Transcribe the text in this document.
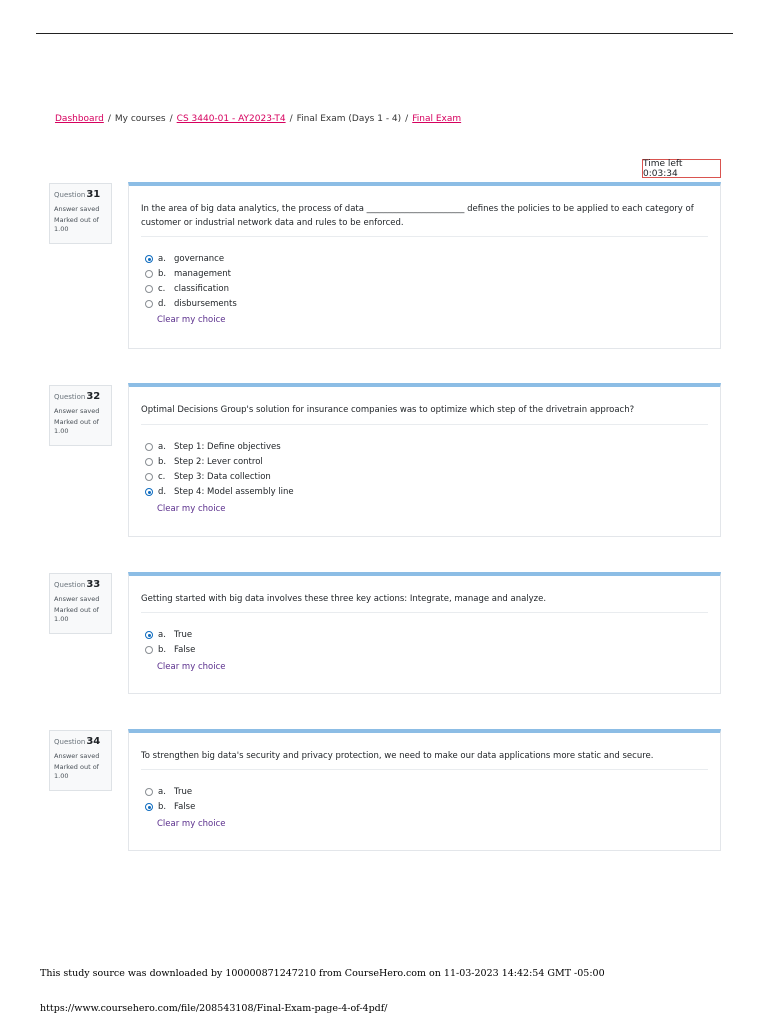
Dashboard / My courses / CS 3440-01 - AY2023-T4 / Final Exam (Days 1 - 4) / Final Exam
Time left 0:03:34
Question31
Answer saved
Marked out of 1.00
In the area of big data analytics, the process of data _______________________ defines the policies to be applied to each category of customer or industrial network data and rules to be enforced.
a. governance
b. management
c.	classification
d. disbursements
Clear my choice
Question32
Answer saved
Marked out of 1.00
Optimal Decisions Group's solution for insurance companies was to optimize which step of the drivetrain approach?
a. Step 1: Define objectives
b. Step 2: Lever control
c.	Step 3: Data collection
d. Step 4: Model assembly line
Clear my choice
Question33
Answer saved
Marked out of 1.00
Getting started with big data involves these three key actions: Integrate, manage and analyze.
a. True
b. False
Clear my choice
Question34
Answer saved
Marked out of 1.00
To strengthen big data's security and privacy protection, we need to make our data applications more static and secure.
a. True
b. False
Clear my choice
This study source was downloaded by 100000871247210 from CourseHero.com on 11-03-2023 14:42:54 GMT -05:00
https://www.coursehero.com/file/208543108/Final-Exam-page-4-of-4pdf/
